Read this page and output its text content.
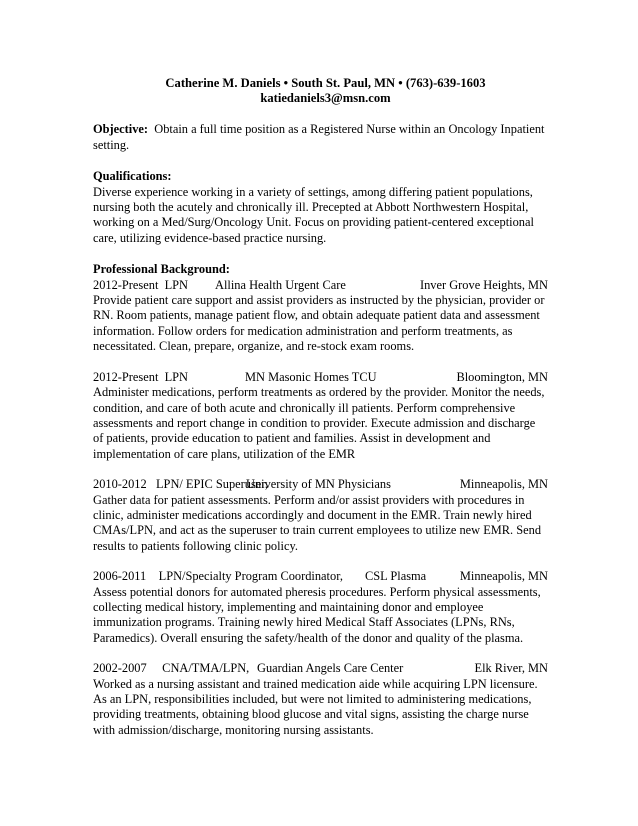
Catherine M. Daniels • South St. Paul, MN • (763)-639-1603
katiedaniels3@msn.com
Objective: Obtain a full time position as a Registered Nurse within an Oncology Inpatient setting.
Qualifications:
Diverse experience working in a variety of settings, among differing patient populations, nursing both the acutely and chronically ill. Precepted at Abbott Northwestern Hospital, working on a Med/Surg/Oncology Unit. Focus on providing patient-centered exceptional care, utilizing evidence-based practice nursing.
Professional Background:
2012-Present  LPN	Allina Health Urgent Care	Inver Grove Heights, MN
Provide patient care support and assist providers as instructed by the physician, provider or RN. Room patients, manage patient flow, and obtain adequate patient data and assessment information. Follow orders for medication administration and perform treatments, as necessitated. Clean, prepare, organize, and re-stock exam rooms.
2012-Present  LPN	MN Masonic Homes TCU	Bloomington, MN
Administer medications, perform treatments as ordered by the provider. Monitor the needs, condition, and care of both acute and chronically ill patients. Perform comprehensive assessments and report change in condition to provider. Execute admission and discharge of patients, provide education to patient and families. Assist in development and implementation of care plans, utilization of the EMR
2010-2012   LPN/ EPIC Superuser,
University of MN Physicians	Minneapolis, MN
Gather data for patient assessments. Perform and/or assist providers with procedures in clinic, administer medications accordingly and document in the EMR. Train newly hired CMAs/LPN, and act as the superuser to train current employees to utilize new EMR. Send results to patients following clinic policy.
2006-2011    LPN/Specialty Program Coordinator,	CSL Plasma	Minneapolis, MN
Assess potential donors for automated pheresis procedures. Perform physical assessments, collecting medical history, implementing and maintaining donor and employee immunization programs. Training newly hired Medical Staff Associates (LPNs, RNs, Paramedics). Overall ensuring the safety/health of the donor and quality of the plasma.
2002-2007     CNA/TMA/LPN, Guardian Angels Care Center	Elk River, MN
Worked as a nursing assistant and trained medication aide while acquiring LPN licensure. As an LPN, responsibilities included, but were not limited to administering medications, providing treatments, obtaining blood glucose and vital signs, assisting the charge nurse with admission/discharge, monitoring nursing assistants.
